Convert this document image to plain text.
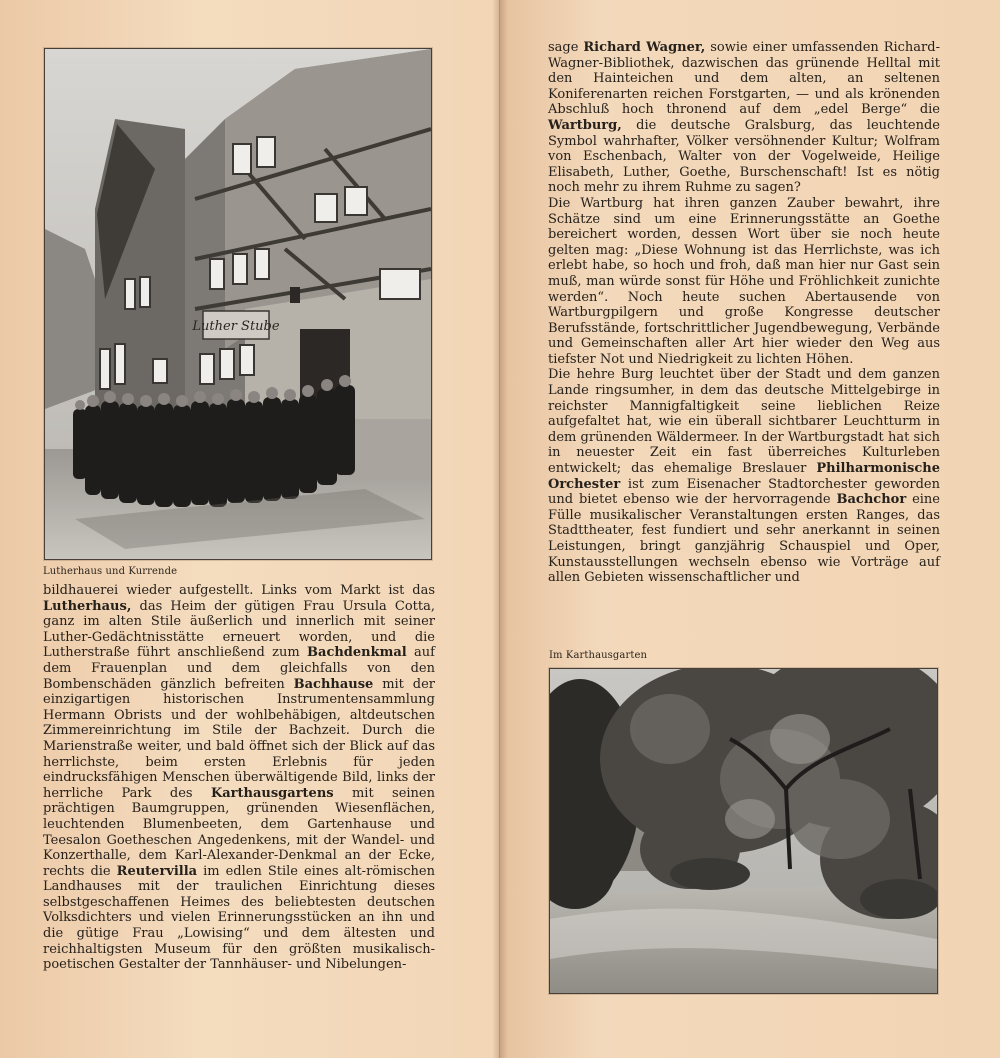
Luther Stube
Lutherhaus und Kurrende

bildhauerei wieder aufgestellt. Links vom Markt ist das Lutherhaus, das Heim der gütigen Frau Ursula Cotta, ganz im alten Stile äußerlich und innerlich mit seiner Luther-Gedächtnisstätte erneuert worden, und die Lutherstraße führt anschließend zum Bachdenkmal auf dem Frauenplan und dem gleichfalls von den Bombenschäden gänzlich befreiten Bachhause mit der einzigartigen historischen Instrumentensammlung Hermann Obrists und der wohlbehäbigen, altdeutschen Zimmereinrichtung im Stile der Bachzeit. Durch die Marienstraße weiter, und bald öffnet sich der Blick auf das herrlichste, beim ersten Erlebnis für jeden eindrucksfähigen Menschen überwältigende Bild, links der herrliche Park des Karthausgartens mit seinen prächtigen Baumgruppen, grünenden Wiesenflächen, leuchtenden Blumenbeeten, dem Gartenhause und Teesalon Goetheschen Angedenkens, mit der Wandel- und Konzerthalle, dem Karl-Alexander-Denkmal an der Ecke, rechts die Reutervilla im edlen Stile eines alt-römischen Landhauses mit der traulichen Einrichtung dieses selbstgeschaffenen Heimes des beliebtesten deutschen Volksdichters und vielen Erinnerungsstücken an ihn und die gütige Frau „Lowising“ und dem ältesten und reichhaltigsten Museum für den größten musikalisch-poetischen Gestalter der Tannhäuser- und Nibelungen-

sage Richard Wagner, sowie einer umfassenden Richard-Wagner-Bibliothek, dazwischen das grünende Helltal mit den Hainteichen und dem alten, an seltenen Koniferenarten reichen Forstgarten, — und als krönenden Abschluß hoch thronend auf dem „edel Berge“ die Wartburg, die deutsche Gralsburg, das leuchtende Symbol wahrhafter, Völker versöhnender Kultur; Wolfram von Eschenbach, Walter von der Vogelweide, Heilige Elisabeth, Luther, Goethe, Burschenschaft! Ist es nötig noch mehr zu ihrem Ruhme zu sagen?

Die Wartburg hat ihren ganzen Zauber bewahrt, ihre Schätze sind um eine Erinnerungsstätte an Goethe bereichert worden, dessen Wort über sie noch heute gelten mag: „Diese Wohnung ist das Herrlichste, was ich erlebt habe, so hoch und froh, daß man hier nur Gast sein muß, man würde sonst für Höhe und Fröhlichkeit zunichte werden“. Noch heute suchen Abertausende von Wartburgpilgern und große Kongresse deutscher Berufsstände, fortschrittlicher Jugendbewegung, Verbände und Gemeinschaften aller Art hier wieder den Weg aus tiefster Not und Niedrigkeit zu lichten Höhen.

Die hehre Burg leuchtet über der Stadt und dem ganzen Lande ringsumher, in dem das deutsche Mittelgebirge in reichster Mannigfaltigkeit seine lieblichen Reize aufgefaltet hat, wie ein überall sichtbarer Leuchtturm in dem grünenden Wäldermeer. In der Wartburgstadt hat sich in neuester Zeit ein fast überreiches Kulturleben entwickelt; das ehemalige Breslauer Philharmonische Orchester ist zum Eisenacher Stadtorchester geworden und bietet ebenso wie der hervorragende Bachchor eine Fülle musikalischer Veranstaltungen ersten Ranges, das Stadttheater, fest fundiert und sehr anerkannt in seinen Leistungen, bringt ganzjährig Schauspiel und Oper, Kunstausstellungen wechseln ebenso wie Vorträge auf allen Gebieten wissenschaftlicher und

Im Karthausgarten
